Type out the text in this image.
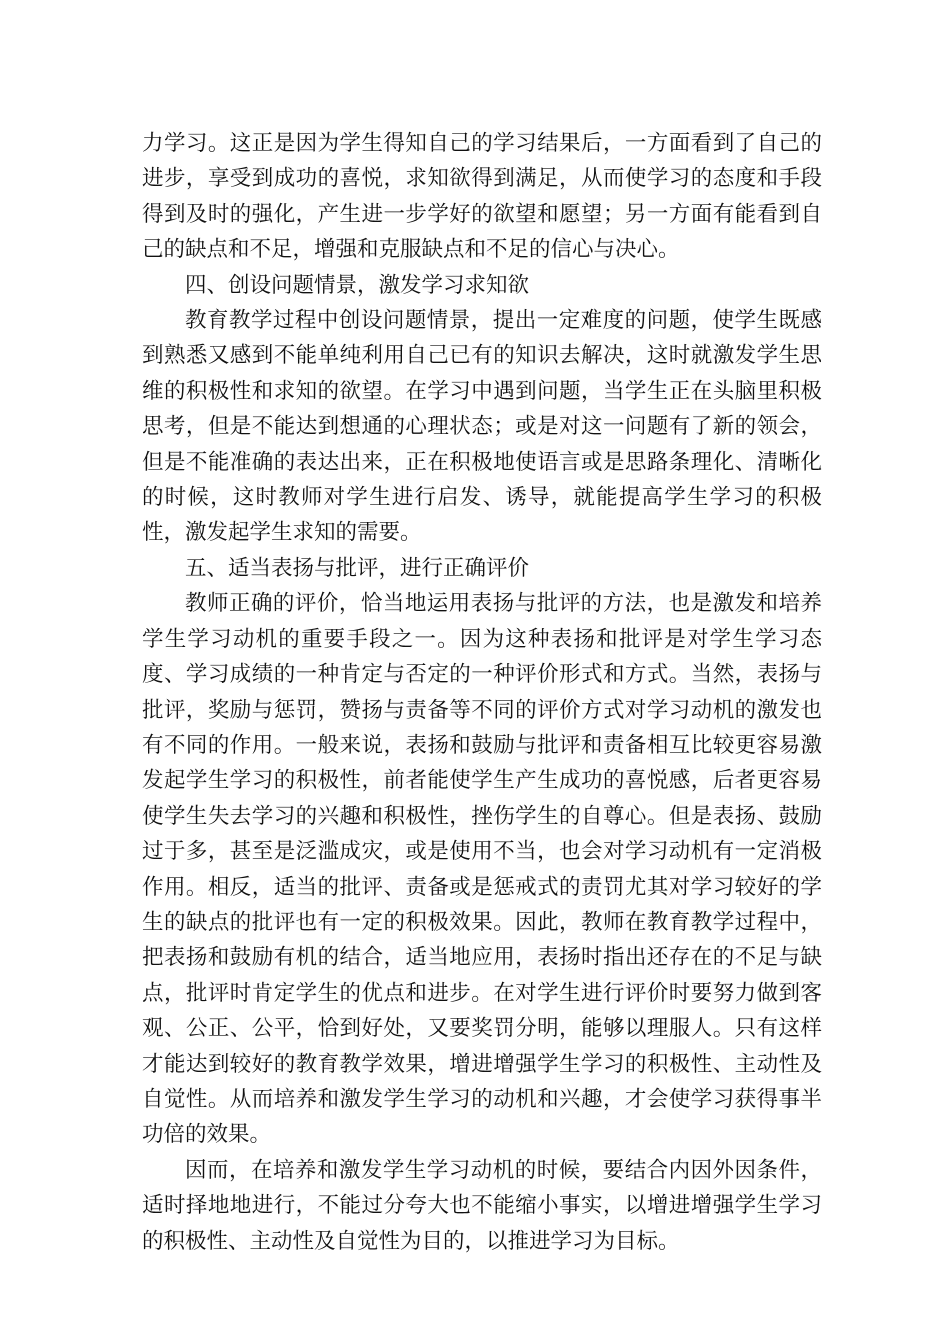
力学习。这正是因为学生得知自己的学习结果后，一方面看到了自己的进步，享受到成功的喜悦，求知欲得到满足，从而使学习的态度和手段得到及时的强化，产生进一步学好的欲望和愿望；另一方面有能看到自己的缺点和不足，增强和克服缺点和不足的信心与决心。

四、创设问题情景，激发学习求知欲

教育教学过程中创设问题情景，提出一定难度的问题，使学生既感到熟悉又感到不能单纯利用自己已有的知识去解决，这时就激发学生思维的积极性和求知的欲望。在学习中遇到问题，当学生正在头脑里积极思考，但是不能达到想通的心理状态；或是对这一问题有了新的领会，但是不能准确的表达出来，正在积极地使语言或是思路条理化、清晰化的时候，这时教师对学生进行启发、诱导，就能提高学生学习的积极性，激发起学生求知的需要。

五、适当表扬与批评，进行正确评价

教师正确的评价，恰当地运用表扬与批评的方法，也是激发和培养学生学习动机的重要手段之一。因为这种表扬和批评是对学生学习态度、学习成绩的一种肯定与否定的一种评价形式和方式。当然，表扬与批评，奖励与惩罚，赞扬与责备等不同的评价方式对学习动机的激发也有不同的作用。一般来说，表扬和鼓励与批评和责备相互比较更容易激发起学生学习的积极性，前者能使学生产生成功的喜悦感，后者更容易使学生失去学习的兴趣和积极性，挫伤学生的自尊心。但是表扬、鼓励过于多，甚至是泛滥成灾，或是使用不当，也会对学习动机有一定消极作用。相反，适当的批评、责备或是惩戒式的责罚尤其对学习较好的学生的缺点的批评也有一定的积极效果。因此，教师在教育教学过程中，把表扬和鼓励有机的结合，适当地应用，表扬时指出还存在的不足与缺点，批评时肯定学生的优点和进步。在对学生进行评价时要努力做到客观、公正、公平，恰到好处，又要奖罚分明，能够以理服人。只有这样才能达到较好的教育教学效果，增进增强学生学习的积极性、主动性及自觉性。从而培养和激发学生学习的动机和兴趣，才会使学习获得事半功倍的效果。

因而，在培养和激发学生学习动机的时候，要结合内因外因条件，适时择地地进行，不能过分夸大也不能缩小事实，以增进增强学生学习的积极性、主动性及自觉性为目的，以推进学习为目标。
